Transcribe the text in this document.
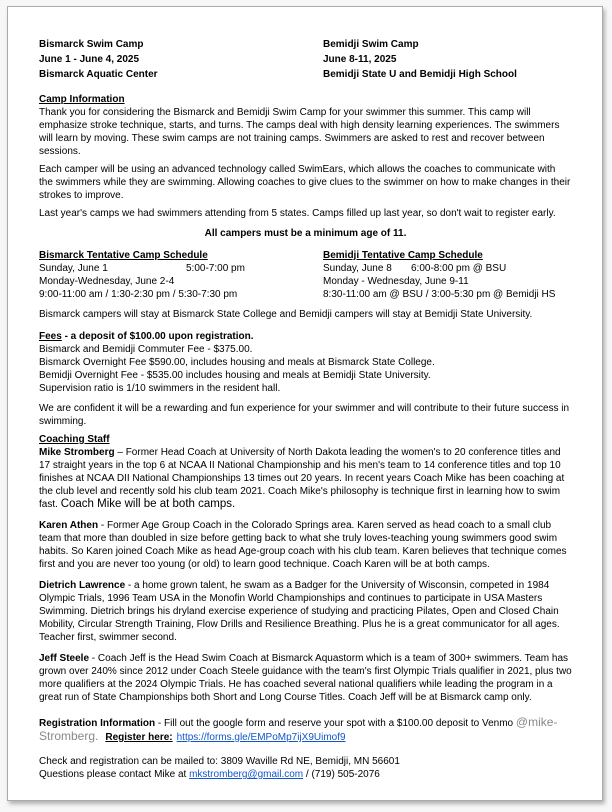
Bismarck Swim Camp
June 1 - June 4, 2025
Bismarck Aquatic Center
Bemidji Swim Camp
June 8-11, 2025
Bemidji State U and Bemidji High School
Camp Information

Thank you for considering the Bismarck and Bemidji Swim Camp for your swimmer this summer. This camp will emphasize stroke technique, starts, and turns. The camps deal with high density learning experiences. The swimmers will learn by moving. These swim camps are not training camps. Swimmers are asked to rest and recover between sessions.

Each camper will be using an advanced technology called SwimEars, which allows the coaches to communicate with the swimmers while they are swimming. Allowing coaches to give clues to the swimmer on how to make changes in their strokes to improve.

Last year's camps we had swimmers attending from 5 states. Camps filled up last year, so don't wait to register early.

All campers must be a minimum age of 11.
Bismarck Tentative Camp Schedule
Sunday, June 1	5:00-7:00 pm
Monday-Wednesday, June 2-4
9:00-11:00 am / 1:30-2:30 pm / 5:30-7:30 pm
Bemidji Tentative Camp Schedule
Sunday, June 8 6:00-8:00 pm @ BSU
Monday - Wednesday, June 9-11
8:30-11:00 am @ BSU / 3:00-5:30 pm @ Bemidji HS

Bismarck campers will stay at Bismarck State College and Bemidji campers will stay at Bemidji State University.

Fees - a deposit of $100.00 upon registration.
Bismarck and Bemidji Commuter Fee - $375.00.
Bismarck Overnight Fee $590.00, includes housing and meals at Bismarck State College.
Bemidji Overnight Fee - $535.00 includes housing and meals at Bemidji State University.
Supervision ratio is 1/10 swimmers in the resident hall.

We are confident it will be a rewarding and fun experience for your swimmer and will contribute to their future success in swimming.

Coaching Staff

Mike Stromberg – Former Head Coach at University of North Dakota leading the women's to 20 conference titles and 17 straight years in the top 6 at NCAA II National Championship and his men's team to 14 conference titles and top 10 finishes at NCAA DII National Championships 13 times out 20 years. In recent years Coach Mike has been coaching at the club level and recently sold his club team 2021. Coach Mike's philosophy is technique first in learning how to swim fast. Coach Mike will be at both camps.

Karen Athen - Former Age Group Coach in the Colorado Springs area. Karen served as head coach to a small club team that more than doubled in size before getting back to what she truly loves-teaching young swimmers good swim habits. So Karen joined Coach Mike as head Age-group coach with his club team. Karen believes that technique comes first and you are never too young (or old) to learn good technique. Coach Karen will be at both camps.

Dietrich Lawrence - a home grown talent, he swam as a Badger for the University of Wisconsin, competed in 1984 Olympic Trials, 1996 Team USA in the Monofin World Championships and continues to participate in USA Masters Swimming. Dietrich brings his dryland exercise experience of studying and practicing Pilates, Open and Closed Chain Mobility, Circular Strength Training, Flow Drills and Resilience Breathing. Plus he is a great communicator for all ages. Teacher first, swimmer second.

Jeff Steele - Coach Jeff is the Head Swim Coach at Bismarck Aquastorm which is a team of 300+ swimmers. Team has grown over 240% since 2012 under Coach Steele guidance with the team's first Olympic Trials qualifier in 2021, plus two more qualifiers at the 2024 Olympic Trials. He has coached several national qualifiers while leading the program in a great run of State Championships both Short and Long Course Titles. Coach Jeff will be at Bismarck camp only.

Registration Information - Fill out the google form and reserve your spot with a $100.00 deposit to Venmo @mike-Stromberg. Register here: https://forms.gle/EMPoMp7ijX9Uimof9

Check and registration can be mailed to: 3809 Waville Rd NE, Bemidji, MN 56601
Questions please contact Mike at mkstromberg@gmail.com / (719) 505-2076
